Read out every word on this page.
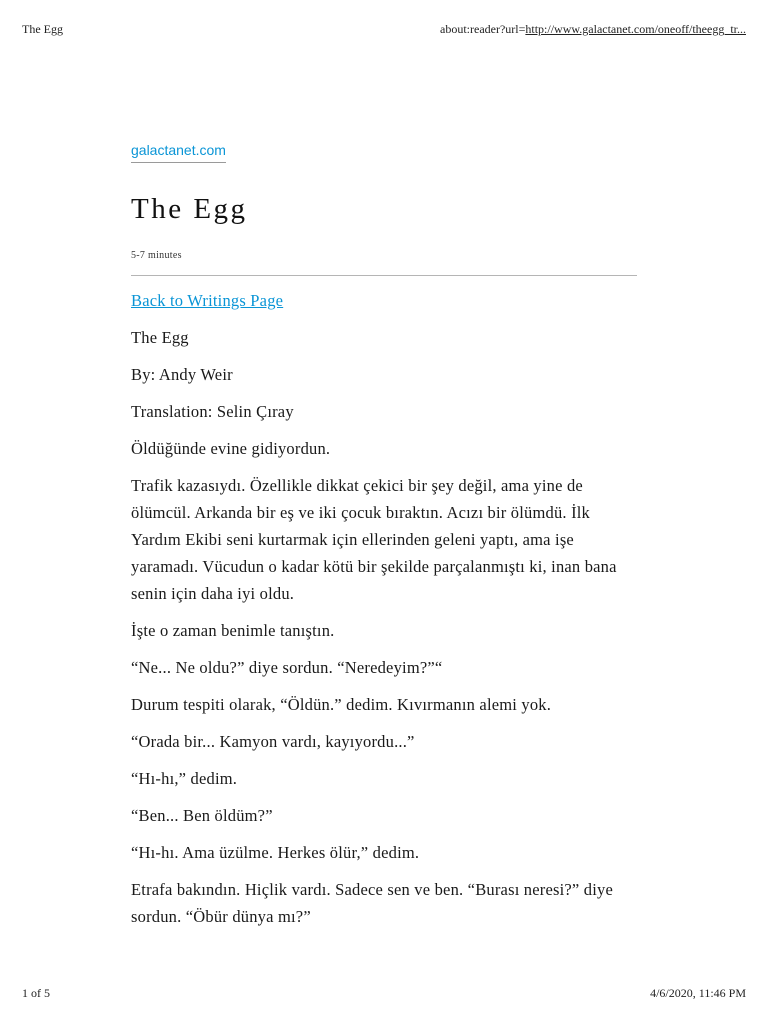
The Egg	about:reader?url=http://www.galactanet.com/oneoff/theegg_tr...
galactanet.com
The Egg
5-7 minutes

Back to Writings Page

The Egg

By: Andy Weir

Translation: Selin Çıray

Öldüğünde evine gidiyordun.

Trafik kazasıydı. Özellikle dikkat çekici bir şey değil, ama yine de ölümcül. Arkanda bir eş ve iki çocuk bıraktın. Acızı bir ölümdü. İlk Yardım Ekibi seni kurtarmak için ellerinden geleni yaptı, ama işe yaramadı. Vücudun o kadar kötü bir şekilde parçalanmıştı ki, inan bana senin için daha iyi oldu.

İşte o zaman benimle tanıştın.

“Ne... Ne oldu?” diye sordun. “Neredeyim?”“

Durum tespiti olarak, “Öldün.” dedim. Kıvırmanın alemi yok.

“Orada bir... Kamyon vardı, kayıyordu...”

“Hı-hı,” dedim.

“Ben... Ben öldüm?”

“Hı-hı. Ama üzülme. Herkes ölür,” dedim.

Etrafa bakındın. Hiçlik vardı. Sadece sen ve ben. “Burası neresi?” diye sordun. “Öbür dünya mı?”

1 of 5	4/6/2020, 11:46 PM
